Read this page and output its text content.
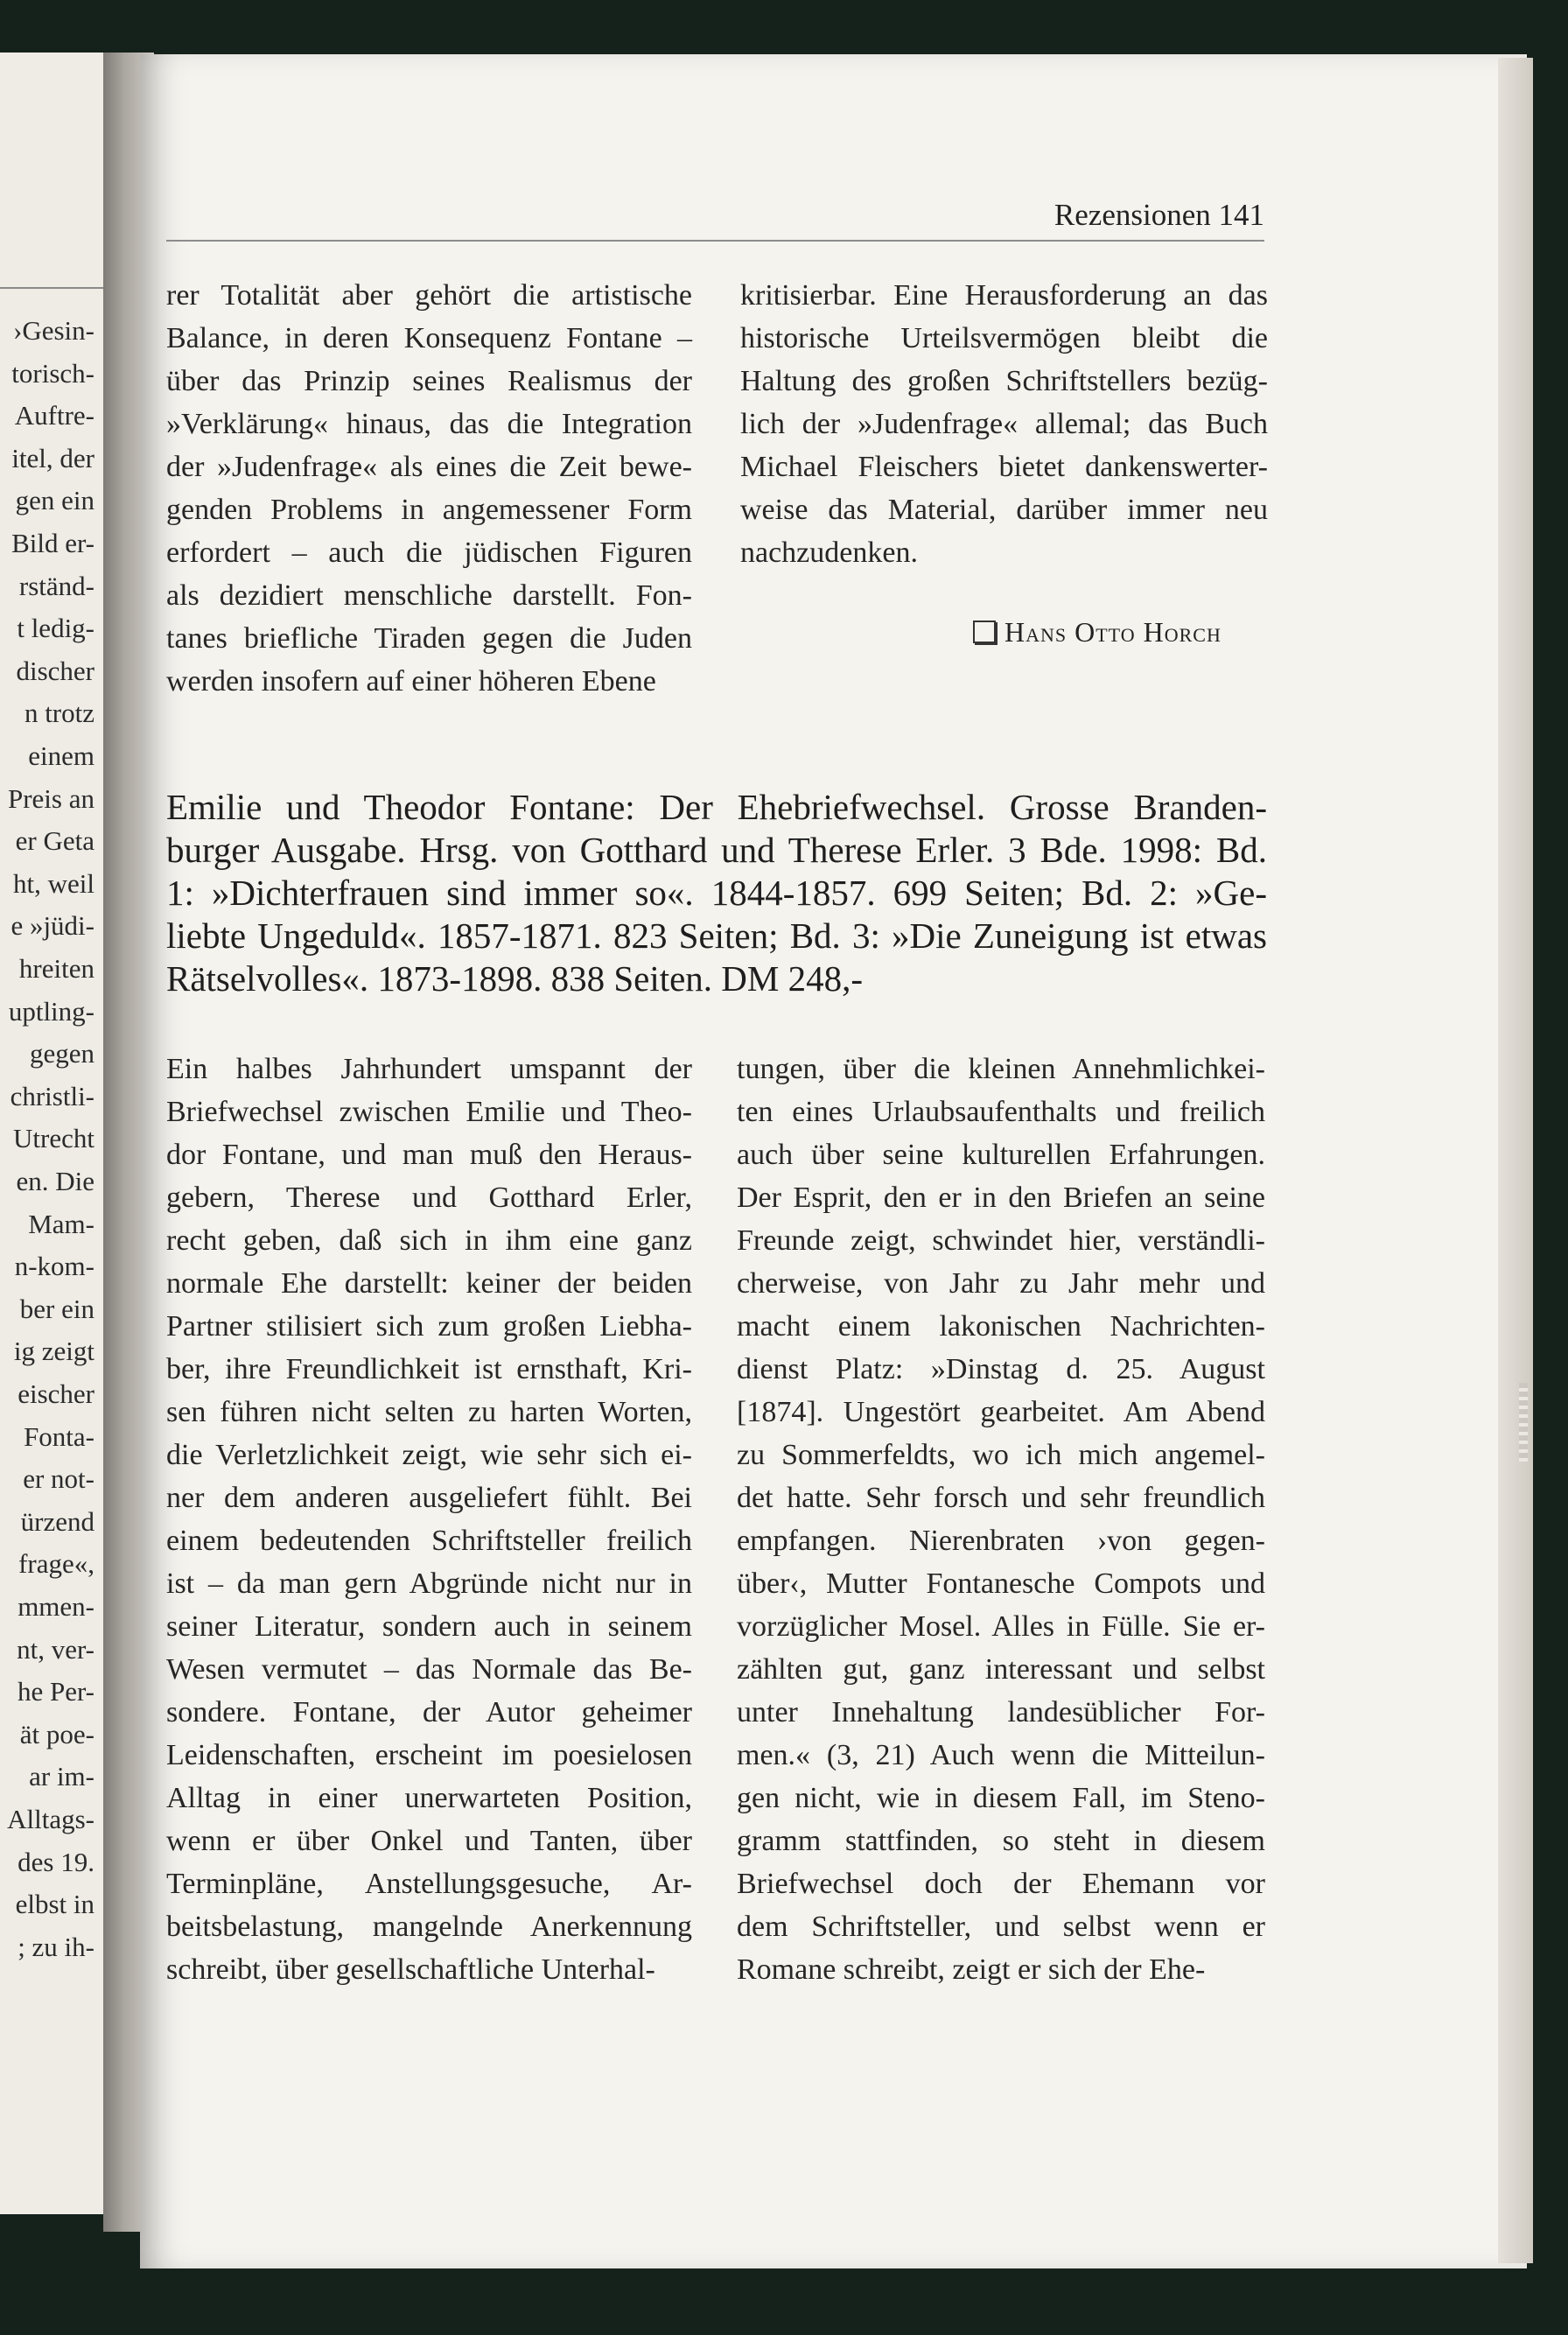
›Gesin-
torisch-
Auftre-
itel, der
gen ein
Bild er-
rständ-
t ledig-
discher
n trotz
einem
Preis an
er Geta
ht, weil
e »jüdi-
hreiten
uptling-
gegen
christli-
Utrecht
en. Die
Mam-
n-kom-
ber ein
ig zeigt
eischer
Fonta-
er not-
ürzend
frage«,
mmen-
nt, ver-
he Per-
ät poe-
ar im-
Alltags-
des 19.
elbst in
; zu ih-
Rezensionen 141
rer Totalität aber gehört die artistische
Balance, in deren Konsequenz Fontane –
über das Prinzip seines Realismus der
»Verklärung« hinaus, das die Integration
der »Judenfrage« als eines die Zeit bewe-
genden Problems in angemessener Form
erfordert – auch die jüdischen Figuren
als dezidiert menschliche darstellt. Fon-
tanes briefliche Tiraden gegen die Juden
werden insofern auf einer höheren Ebene
kritisierbar. Eine Herausforderung an das
historische Urteilsvermögen bleibt die
Haltung des großen Schriftstellers bezüg-
lich der »Judenfrage« allemal; das Buch
Michael Fleischers bietet dankenswerter-
weise das Material, darüber immer neu
nachzudenken.
Hans Otto Horch
Emilie und Theodor Fontane: Der Ehebriefwechsel. Grosse Branden-
burger Ausgabe. Hrsg. von Gotthard und Therese Erler. 3 Bde. 1998: Bd.
1: »Dichterfrauen sind immer so«. 1844-1857. 699 Seiten; Bd. 2: »Ge-
liebte Ungeduld«. 1857-1871. 823 Seiten; Bd. 3: »Die Zuneigung ist etwas
Rätselvolles«. 1873-1898. 838 Seiten. DM 248,-
Ein halbes Jahrhundert umspannt der
Briefwechsel zwischen Emilie und Theo-
dor Fontane, und man muß den Heraus-
gebern, Therese und Gotthard Erler,
recht geben, daß sich in ihm eine ganz
normale Ehe darstellt: keiner der beiden
Partner stilisiert sich zum großen Liebha-
ber, ihre Freundlichkeit ist ernsthaft, Kri-
sen führen nicht selten zu harten Worten,
die Verletzlichkeit zeigt, wie sehr sich ei-
ner dem anderen ausgeliefert fühlt. Bei
einem bedeutenden Schriftsteller freilich
ist – da man gern Abgründe nicht nur in
seiner Literatur, sondern auch in seinem
Wesen vermutet – das Normale das Be-
sondere. Fontane, der Autor geheimer
Leidenschaften, erscheint im poesielosen
Alltag in einer unerwarteten Position,
wenn er über Onkel und Tanten, über
Terminpläne, Anstellungsgesuche, Ar-
beitsbelastung, mangelnde Anerkennung
schreibt, über gesellschaftliche Unterhal-
tungen, über die kleinen Annehmlichkei-
ten eines Urlaubsaufenthalts und freilich
auch über seine kulturellen Erfahrungen.
Der Esprit, den er in den Briefen an seine
Freunde zeigt, schwindet hier, verständli-
cherweise, von Jahr zu Jahr mehr und
macht einem lakonischen Nachrichten-
dienst Platz: »Dinstag d. 25. August
[1874]. Ungestört gearbeitet. Am Abend
zu Sommerfeldts, wo ich mich angemel-
det hatte. Sehr forsch und sehr freundlich
empfangen. Nierenbraten ›von gegen-
über‹, Mutter Fontanesche Compots und
vorzüglicher Mosel. Alles in Fülle. Sie er-
zählten gut, ganz interessant und selbst
unter Innehaltung landesüblicher For-
men.« (3, 21) Auch wenn die Mitteilun-
gen nicht, wie in diesem Fall, im Steno-
gramm stattfinden, so steht in diesem
Briefwechsel doch der Ehemann vor
dem Schriftsteller, und selbst wenn er
Romane schreibt, zeigt er sich der Ehe-
